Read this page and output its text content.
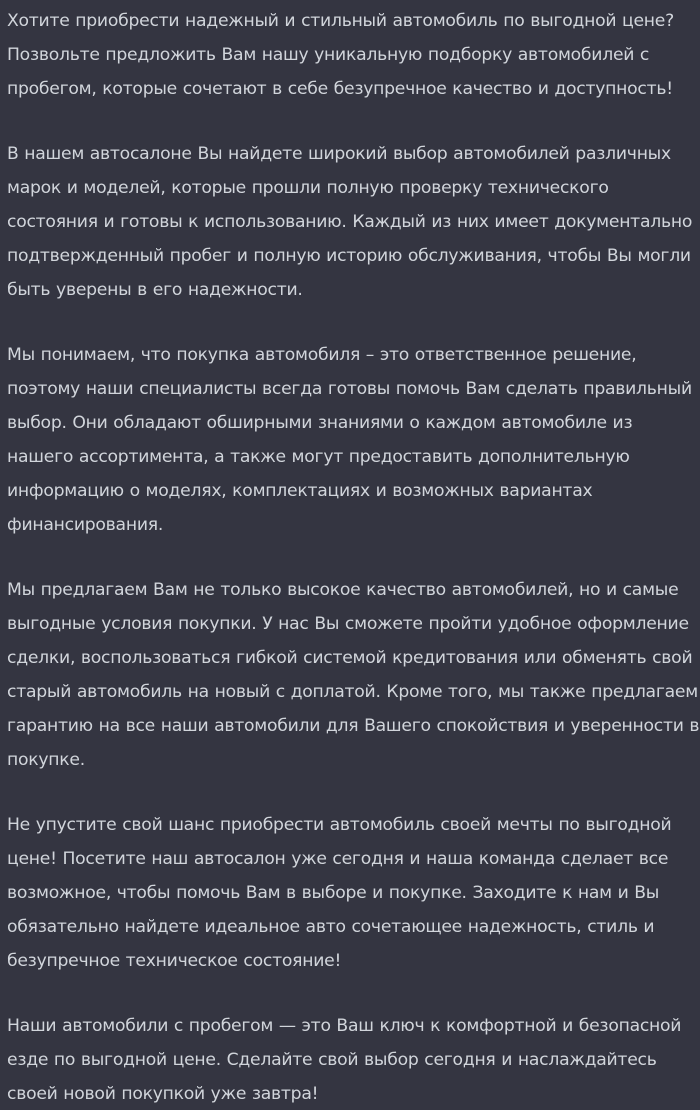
Хотите приобрести надежный и стильный автомобиль по выгодной цене? Позвольте предложить Вам нашу уникальную подборку автомобилей с пробегом, которые сочетают в себе безупречное качество и доступность!

В нашем автосалоне Вы найдете широкий выбор автомобилей различных марок и моделей, которые прошли полную проверку технического состояния и готовы к использованию. Каждый из них имеет документально подтвержденный пробег и полную историю обслуживания, чтобы Вы могли быть уверены в его надежности.

Мы понимаем, что покупка автомобиля – это ответственное решение, поэтому наши специалисты всегда готовы помочь Вам сделать правильный выбор. Они обладают обширными знаниями о каждом автомобиле из нашего ассортимента, а также могут предоставить дополнительную информацию о моделях, комплектациях и возможных вариантах финансирования.

Мы предлагаем Вам не только высокое качество автомобилей, но и самые выгодные условия покупки. У нас Вы сможете пройти удобное оформление сделки, воспользоваться гибкой системой кредитования или обменять свой старый автомобиль на новый с доплатой. Кроме того, мы также предлагаем гарантию на все наши автомобили для Вашего спокойствия и уверенности в покупке.

Не упустите свой шанс приобрести автомобиль своей мечты по выгодной цене! Посетите наш автосалон уже сегодня и наша команда сделает все возможное, чтобы помочь Вам в выборе и покупке. Заходите к нам и Вы обязательно найдете идеальное авто сочетающее надежность, стиль и безупречное техническое состояние!

Наши автомобили с пробегом — это Ваш ключ к комфортной и безопасной езде по выгодной цене. Сделайте свой выбор сегодня и наслаждайтесь своей новой покупкой уже завтра!
